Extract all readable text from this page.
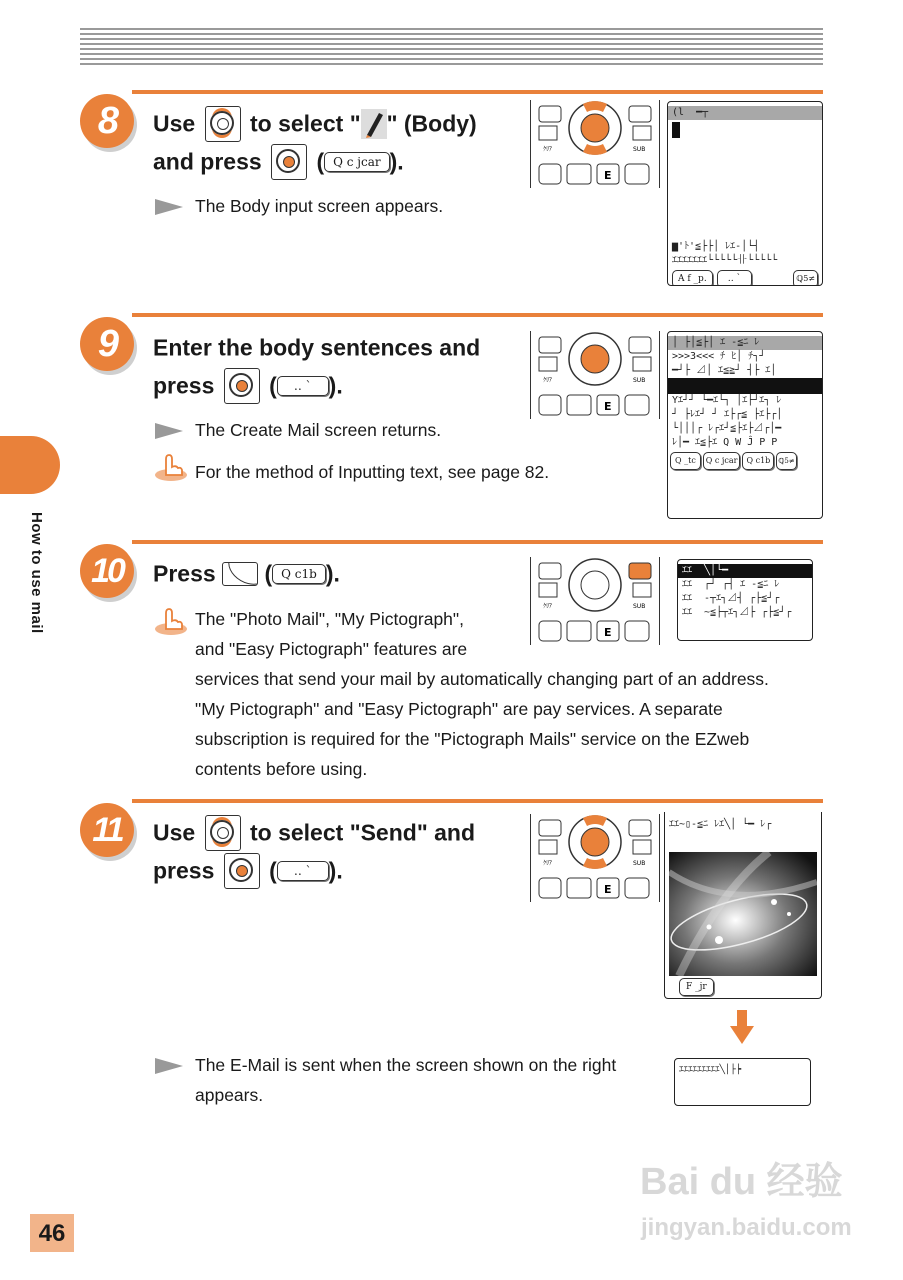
How to use mail
8	Use to select " " (Body)
and press ( Q c jcar ).
The Body input screen appears.
ｸﾘｱ	SUB
E
(l  ━┬
▆'ﾄ'≦├├│ ﾚｴ-│└┤
ｴｴｴｴｴｴｴ└└└└└卝└└└└└
A f _p.	‥ `	ℚ5≠
9	Enter the body sentences and
press ( ‥ ` ).
The Create Mail screen returns.
For the method of Inputting text, see page 82.
ｸﾘｱ	SUB
E
│ ├│≦├│ ｴ -≦ﾆ ﾚ
>>>3<<< ﾁ ﾋ│ ﾁ┐┘
━┘├ ⊿│ ｴ≦≧┘ ┤├ ｴ│
Yｴ┘┘ └━ｴ└┐ │ｴ├┘ｴ┐ ﾚ
┘ ├ﾚｴ┘ ┘ ｴ├┌≦ ├ｴ├┌│
└│││┌ ﾚ┌ｴ┘≦├ｴ├⊿┌│━
ﾚ│━ ｴ≦├ｴ Q W Ĵ P P
Q _tc	Q c jcar	Q c1b	ℚ5≠
10	Press ( Q c1b ).
The "Photo Mail", "My Pictograph",
and "Easy Pictograph" features are
services that send your mail by automatically changing part of an address.
"My Pictograph" and "Easy Pictograph" are pay services. A separate
subscription is required for the "Pictograph Mails" service on the EZweb
contents before using.
ｸﾘｱ	SUB
E
ｴｴ  ╲│└━
ｴｴ  ┌┘ ┌┤ ｴ -≦ﾆ ﾚ
ｴｴ  -┬ｴ┐⊿┤ ┌├≦┘┌
ｴｴ  ~≦├┬ｴ┐⊿├ ┌├≦┘┌
11	Use to select "Send" and
press ( ‥ ` ).
The E-Mail is sent when the screen shown on the right
appears.
ｸﾘｱ	SUB
E
ｴｴ~▯-≦ﾆ ﾚｴ╲│ └━ ﾚ┌
F _jr
ｴｴｴｴｴｴｴｴｴ╲│├┝
46
Bai du 经验
jingyan.baidu.com
